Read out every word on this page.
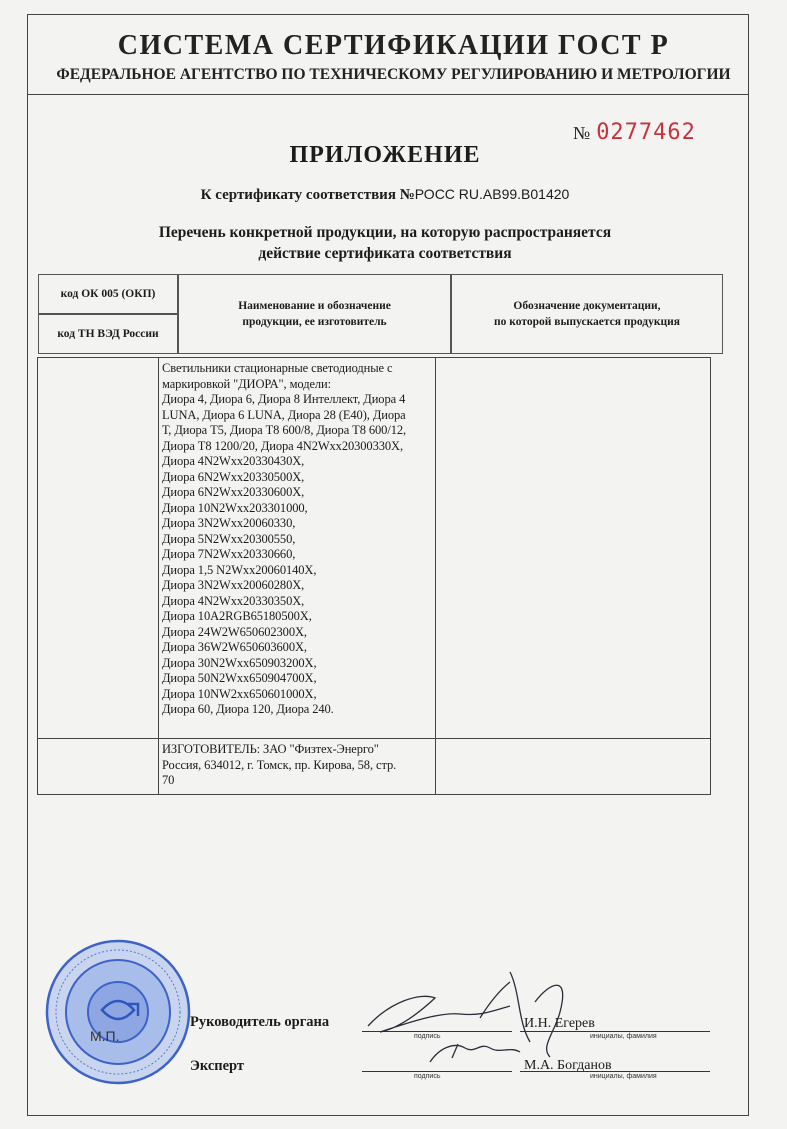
СИСТЕМА СЕРТИФИКАЦИИ ГОСТ Р
ФЕДЕРАЛЬНОЕ АГЕНТСТВО ПО ТЕХНИЧЕСКОМУ РЕГУЛИРОВАНИЮ И МЕТРОЛОГИИ
№ 0277462
ПРИЛОЖЕНИЕ
К сертификату соответствия №РОСС RU.АВ99.В01420
Перечень конкретной продукции, на которую распространяется
действие сертификата соответствия
код ОК 005 (ОКП)
код ТН ВЭД России
Наименование и обозначение
продукции, ее изготовитель
Обозначение документации,
по которой выпускается продукция
Светильники стационарные светодиодные с
маркировкой "ДИОРА", модели:
Диора 4, Диора 6, Диора 8 Интеллект, Диора 4
LUNA, Диора 6 LUNA, Диора 28 (Е40), Диора
Т, Диора Т5, Диора Т8 600/8, Диора Т8 600/12,
Диора Т8 1200/20, Диора 4N2Wxx20300330X,
Диора 4N2Wxx20330430X,
Диора 6N2Wxx20330500X,
Диора 6N2Wxx20330600X,
Диора 10N2Wxx203301000,
Диора 3N2Wxx20060330,
Диора 5N2Wxx20300550,
Диора 7N2Wxx20330660,
Диора 1,5 N2Wxx20060140X,
Диора 3N2Wxx20060280X,
Диора 4N2Wxx20330350X,
Диора 10A2RGB65180500X,
Диора 24W2W650602300X,
Диора 36W2W650603600X,
Диора 30N2Wxx650903200X,
Диора 50N2Wxx650904700X,
Диора 10NW2xx650601000X,
Диора 60, Диора 120, Диора 240.
ИЗГОТОВИТЕЛЬ: ЗАО "Физтех-Энерго"
Россия, 634012, г. Томск, пр. Кирова, 58, стр.
70
М.П.
Руководитель органа
подпись
И.Н. Егерев
инициалы, фамилия
Эксперт
подпись
М.А. Богданов
инициалы, фамилия
